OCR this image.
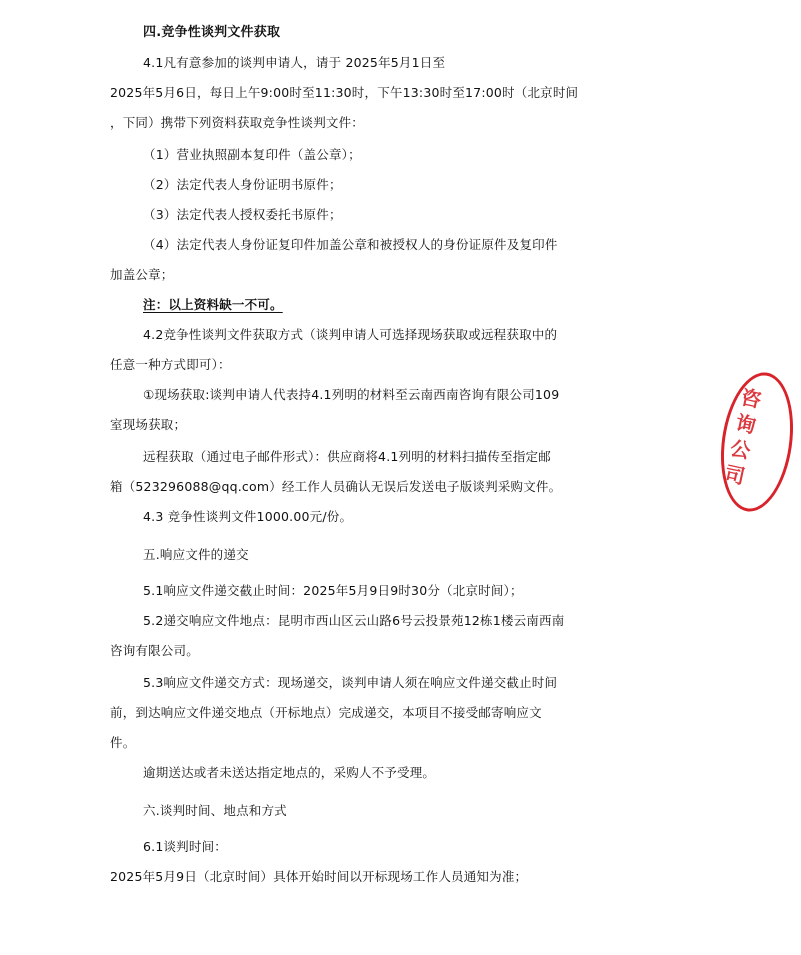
四.竞争性谈判文件获取
4.1凡有意参加的谈判申请人，请于 2025年5月1日至
2025年5月6日，每日上午9:00时至11:30时，下午13:30时至17:00时（北京时间
，下同）携带下列资料获取竞争性谈判文件：
（1）营业执照副本复印件（盖公章）；
（2）法定代表人身份证明书原件；
（3）法定代表人授权委托书原件；
（4）法定代表人身份证复印件加盖公章和被授权人的身份证原件及复印件
加盖公章；
注：以上资料缺一不可。
4.2竞争性谈判文件获取方式（谈判申请人可选择现场获取或远程获取中的
任意一种方式即可）：
①现场获取:谈判申请人代表持4.1列明的材料至云南西南咨询有限公司109
室现场获取；
远程获取（通过电子邮件形式）：供应商将4.1列明的材料扫描传至指定邮
箱（523296088@qq.com）经工作人员确认无误后发送电子版谈判采购文件。
4.3 竞争性谈判文件1000.00元/份。
五.响应文件的递交
5.1响应文件递交截止时间：2025年5月9日9时30分（北京时间）；
5.2递交响应文件地点：昆明市西山区云山路6号云投景苑12栋1楼云南西南
咨询有限公司。
5.3响应文件递交方式：现场递交，谈判申请人须在响应文件递交截止时间
前，到达响应文件递交地点（开标地点）完成递交，本项目不接受邮寄响应文
件。
逾期送达或者未送达指定地点的，采购人不予受理。
六.谈判时间、地点和方式
6.1谈判时间：
2025年5月9日（北京时间）具体开始时间以开标现场工作人员通知为准；
咨询公司
